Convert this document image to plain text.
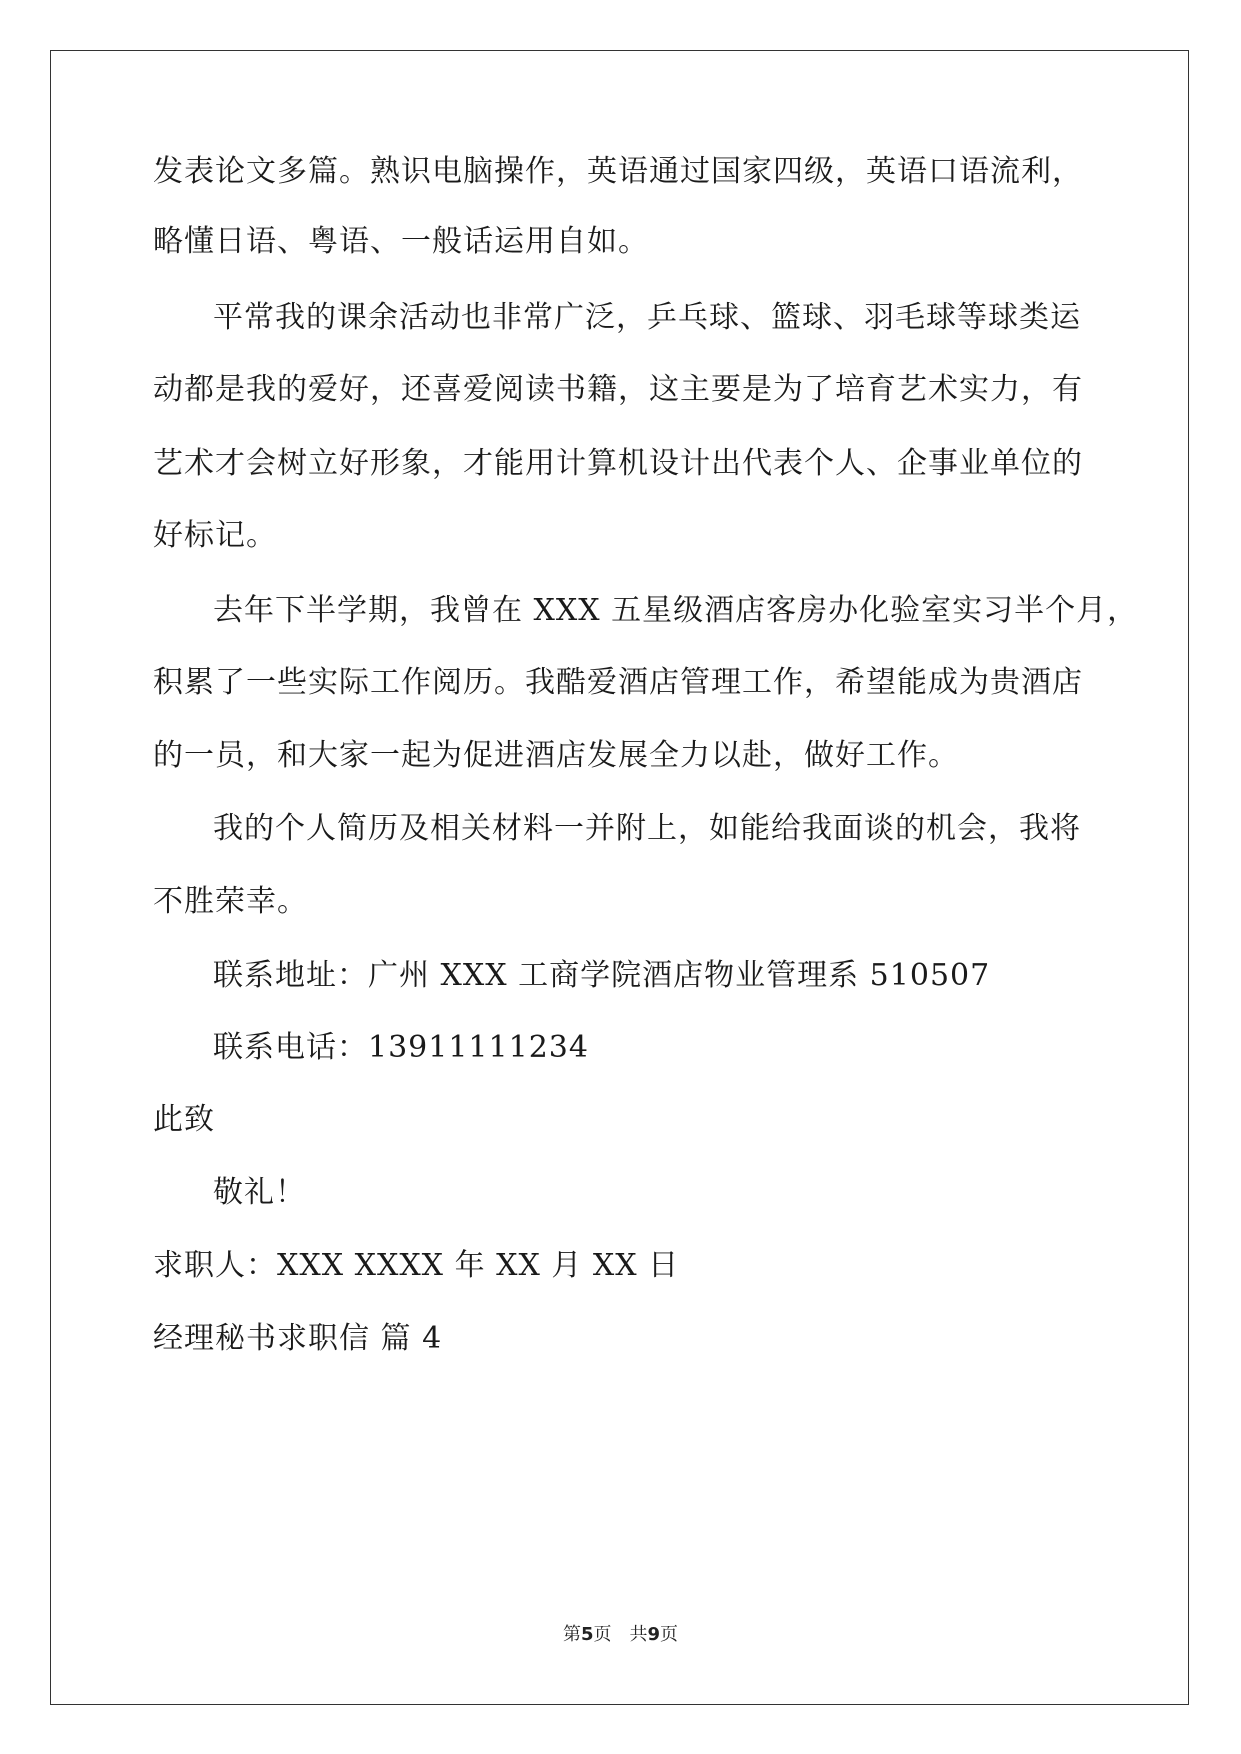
发表论文多篇。熟识电脑操作，英语通过国家四级，英语口语流利，
略懂日语、粤语、一般话运用自如。
平常我的课余活动也非常广泛，乒乓球、篮球、羽毛球等球类运
动都是我的爱好，还喜爱阅读书籍，这主要是为了培育艺术实力，有
艺术才会树立好形象，才能用计算机设计出代表个人、企事业单位的
好标记。
去年下半学期，我曾在 XXX 五星级酒店客房办化验室实习半个月，
积累了一些实际工作阅历。我酷爱酒店管理工作，希望能成为贵酒店
的一员，和大家一起为促进酒店发展全力以赴，做好工作。
我的个人简历及相关材料一并附上，如能给我面谈的机会，我将
不胜荣幸。
联系地址：广州 XXX 工商学院酒店物业管理系 510507
联系电话：13911111234
此致
敬礼！
求职人：XXX XXXX 年 XX 月 XX 日
经理秘书求职信 篇 4
第5页 共9页
